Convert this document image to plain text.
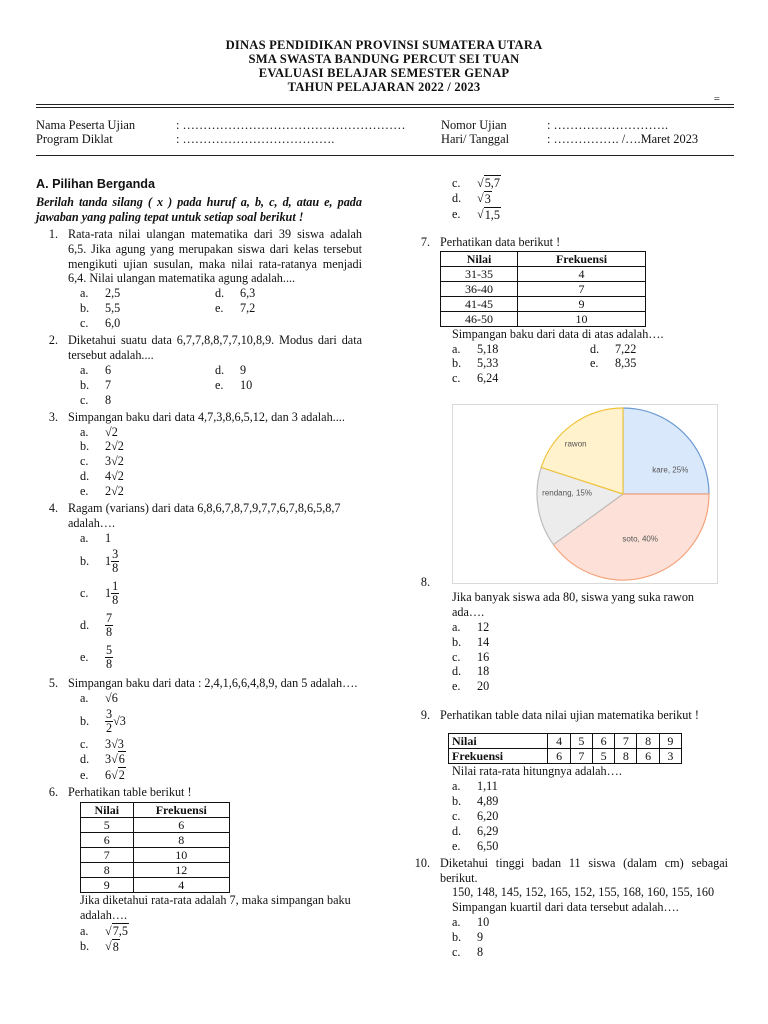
DINAS PENDIDIKAN PROVINSI SUMATERA UTARA
SMA SWASTA BANDUNG PERCUT SEI TUAN
EVALUASI BELAJAR SEMESTER GENAP
TAHUN PELAJARAN 2022 / 2023
=
Nama Peserta Ujian	: ………………………………………………	Nomor Ujian	: ……………………….
Program Diklat	: ……………………………….	Hari/ Tanggal	: ……………. /….Maret 2023
A. Pilihan Berganda
Berilah tanda silang ( x ) pada huruf a, b, c, d, atau e, pada jawaban yang paling tepat untuk setiap soal berikut !
1. Rata-rata nilai ulangan matematika dari 39 siswa adalah 6,5. Jika agung yang merupakan siswa dari kelas tersebut mengikuti ujian susulan, maka nilai rata-ratanya menjadi 6,4. Nilai ulangan matematika agung adalah....
a.	2,5	d.	6,3
b.	5,5	e.	7,2
c.	6,0
2. Diketahui suatu data 6,7,7,8,8,7,7,10,8,9. Modus dari data tersebut adalah....
a.	6	d.	9
b.	7	e.	10
c.	8
3. Simpangan baku dari data 4,7,3,8,6,5,12, dan 3 adalah....
a.	√2
b.	2√2
c.	3√2
d.	4√2
e.	2√2
4. Ragam (varians) dari data 6,8,6,7,8,7,9,7,7,6,7,8,6,5,8,7 adalah….
a.	1
b.	$1 \frac{3}{8}$
c.	$1 \frac{1}{8}$
d.	$\frac{7}{8}$
e.	$\frac{5}{8}$
5. Simpangan baku dari data : 2,4,1,6,6,4,8,9, dan 5 adalah….
a.	√6
b.	$\frac{3}{2} √3$
c.	3√3
d.	3 √ 6
e.	6 √ 2
6. Perhatikan table berikut !
Nilai	Frekuensi
5	6
6	8
7	10
8	12
9	4
Jika diketahui rata-rata adalah 7, maka simpangan baku adalah….
a.	√ 7,5
b.	√ 8
c.	√ 5,7
d.	√ 3
e.	√ 1,5
7. Perhatikan data berikut !
Nilai	Frekuensi
31-35	4
36-40	7
41-45	9
46-50	10
Simpangan baku dari data di atas adalah….
a.	5,18	d.	7,22
b.	5,33	e.	8,35
c.	6,24
kare, 25%
soto, 40%
rendang, 15%
rawon
8.
Jika banyak siswa ada 80, siswa yang suka rawon ada….
a.	12
b.	14
c.	16
d.	18
e.	20
9. Perhatikan table data nilai ujian matematika berikut !
Nilai	4	5	6	7	8	9
Frekuensi	6	7	5	8	6	3
Nilai rata-rata hitungnya adalah….
a.	1,11
b.	4,89
c.	6,20
d.	6,29
e.	6,50
10. Diketahui tinggi badan 11 siswa (dalam cm) sebagai berikut.
150, 148, 145, 152, 165, 152, 155, 168, 160, 155, 160
Simpangan kuartil dari data tersebut adalah….
a.	10
b.	9
c.	8
